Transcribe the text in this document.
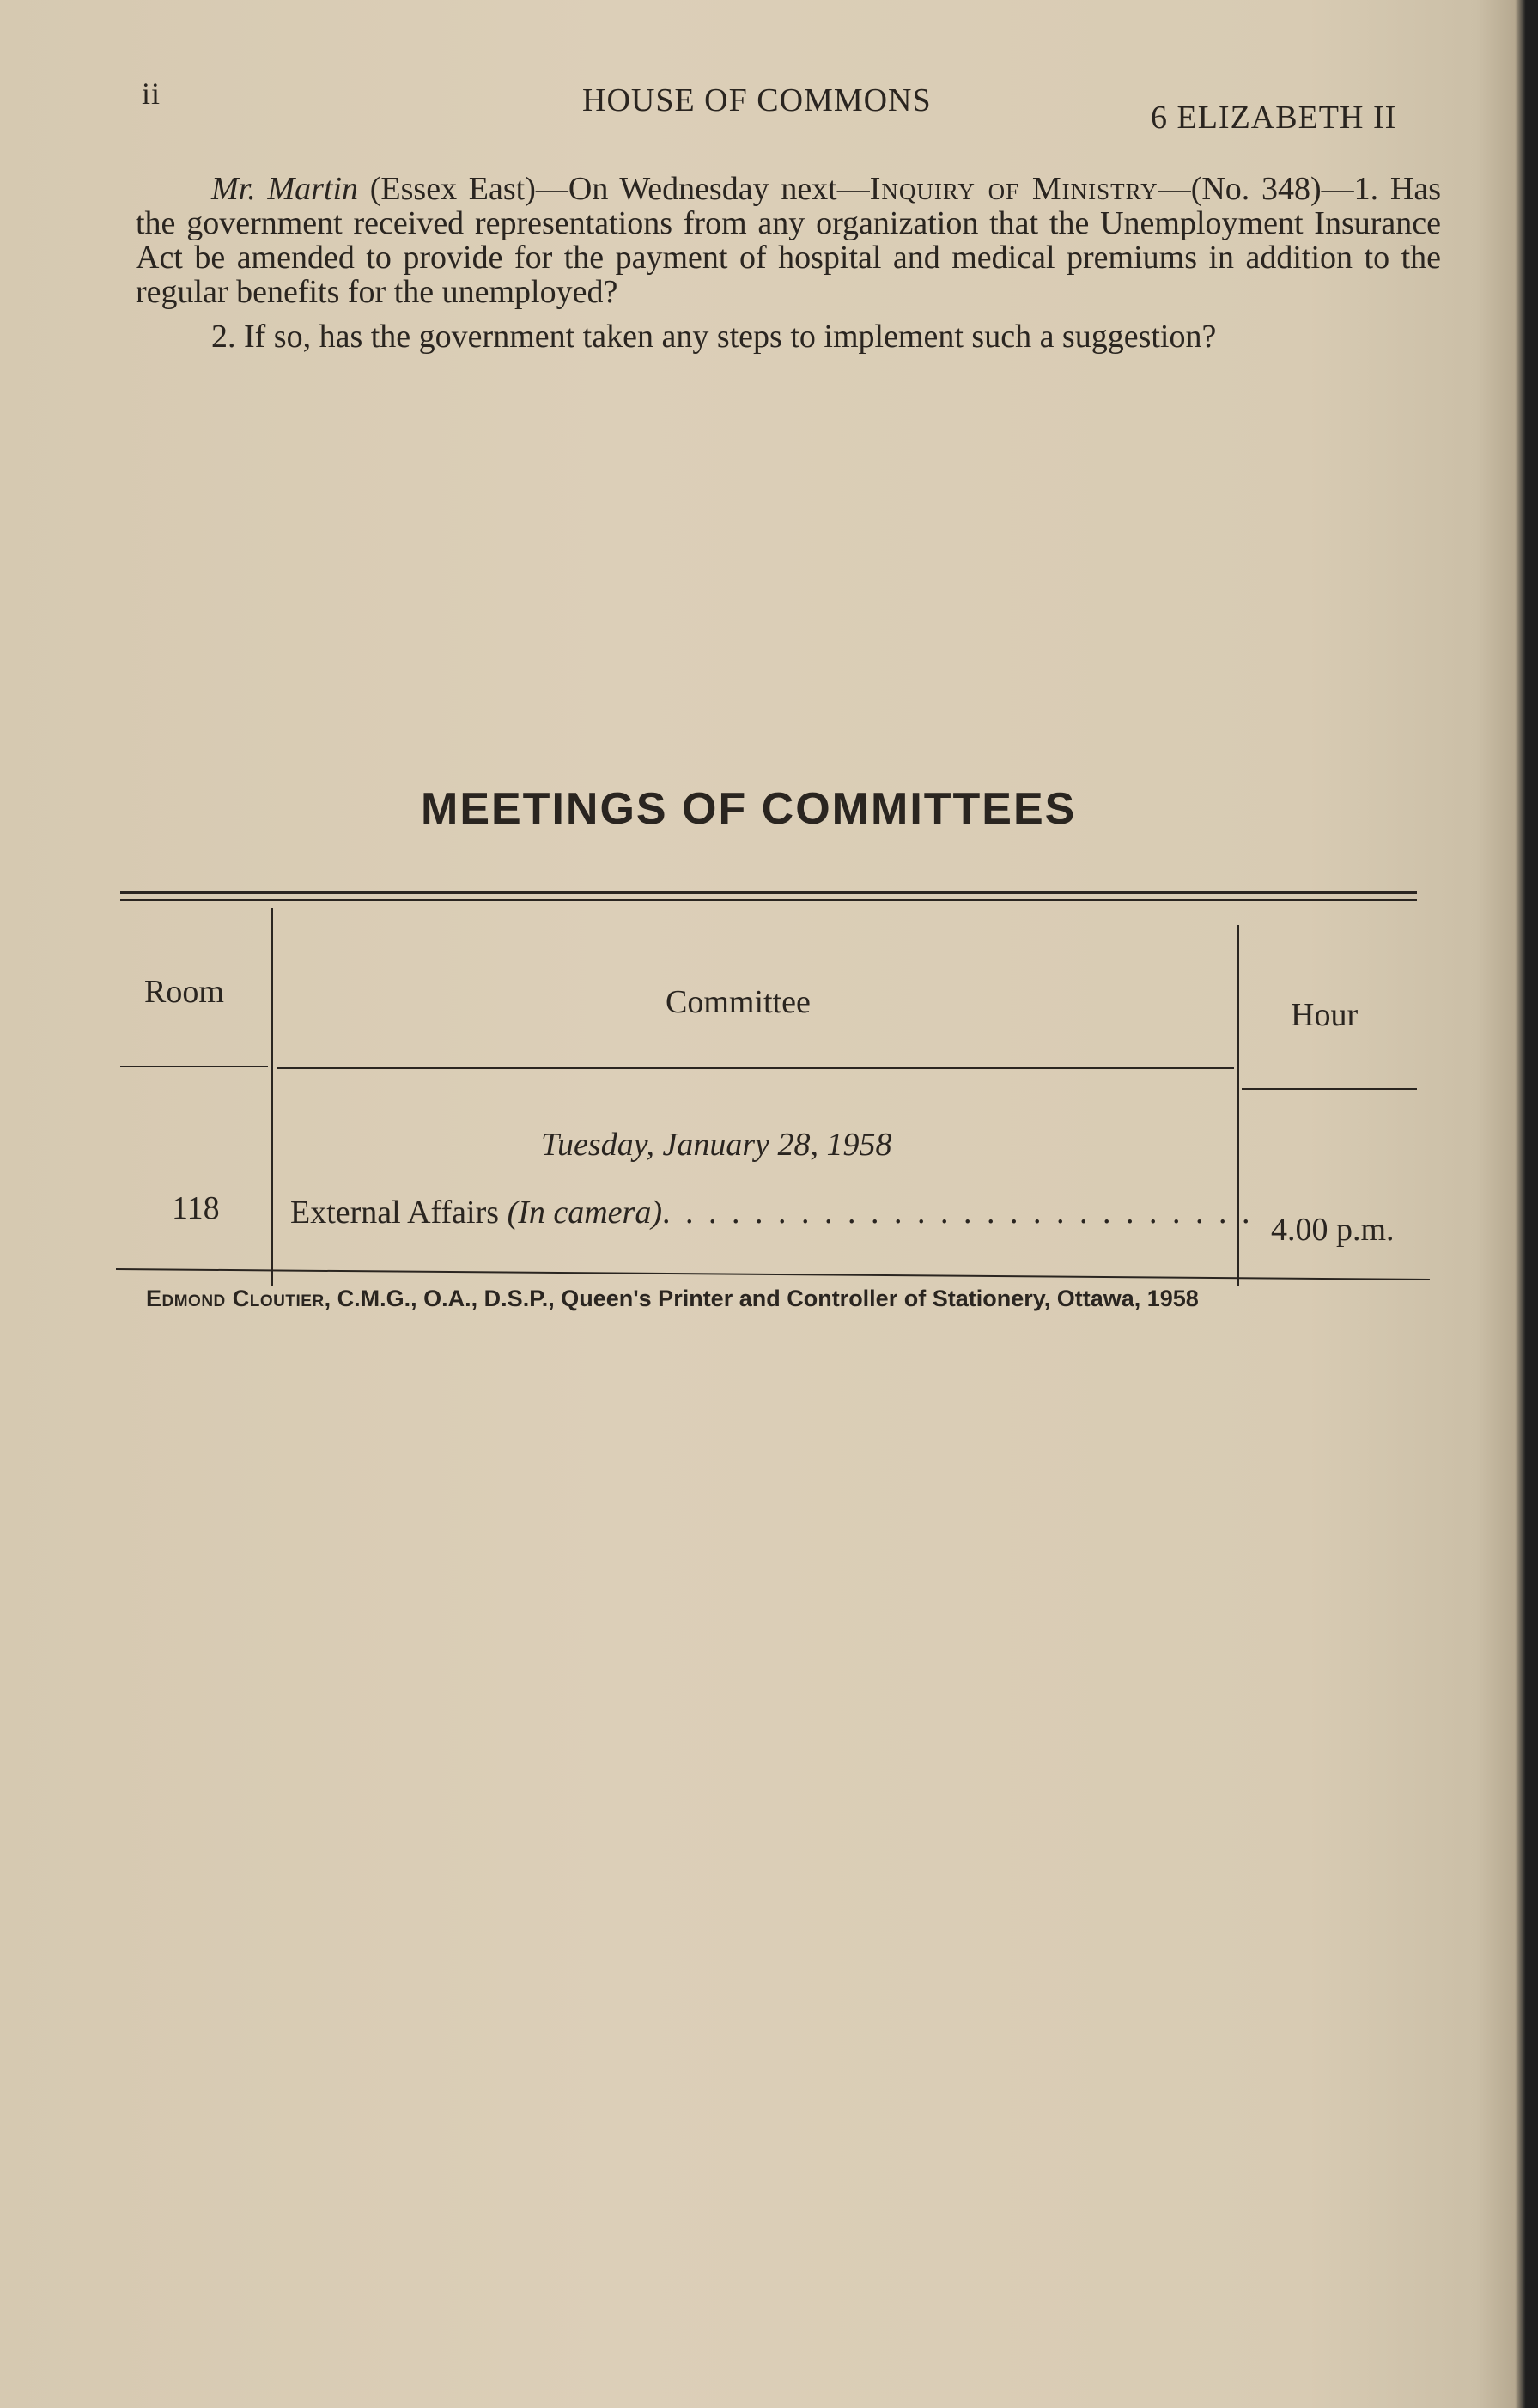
ii	HOUSE OF COMMONS	6 ELIZABETH II

Mr. Martin (Essex East)—On Wednesday next—Inquiry of Ministry—(No. 348)—1. Has the government received representations from any organization that the Unemployment Insurance Act be amended to provide for the payment of hospital and medical premiums in addition to the regular benefits for the unemployed?

2. If so, has the government taken any steps to implement such a suggestion?

MEETINGS OF COMMITTEES
Room	Committee	Hour
Tuesday, January 28, 1958
118 External Affairs (In camera). . . . . . . . . . . . . . . . . . . . . . . . . . 4.00 p.m.
Edmond Cloutier, C.M.G., O.A., D.S.P., Queen's Printer and Controller of Stationery, Ottawa, 1958
